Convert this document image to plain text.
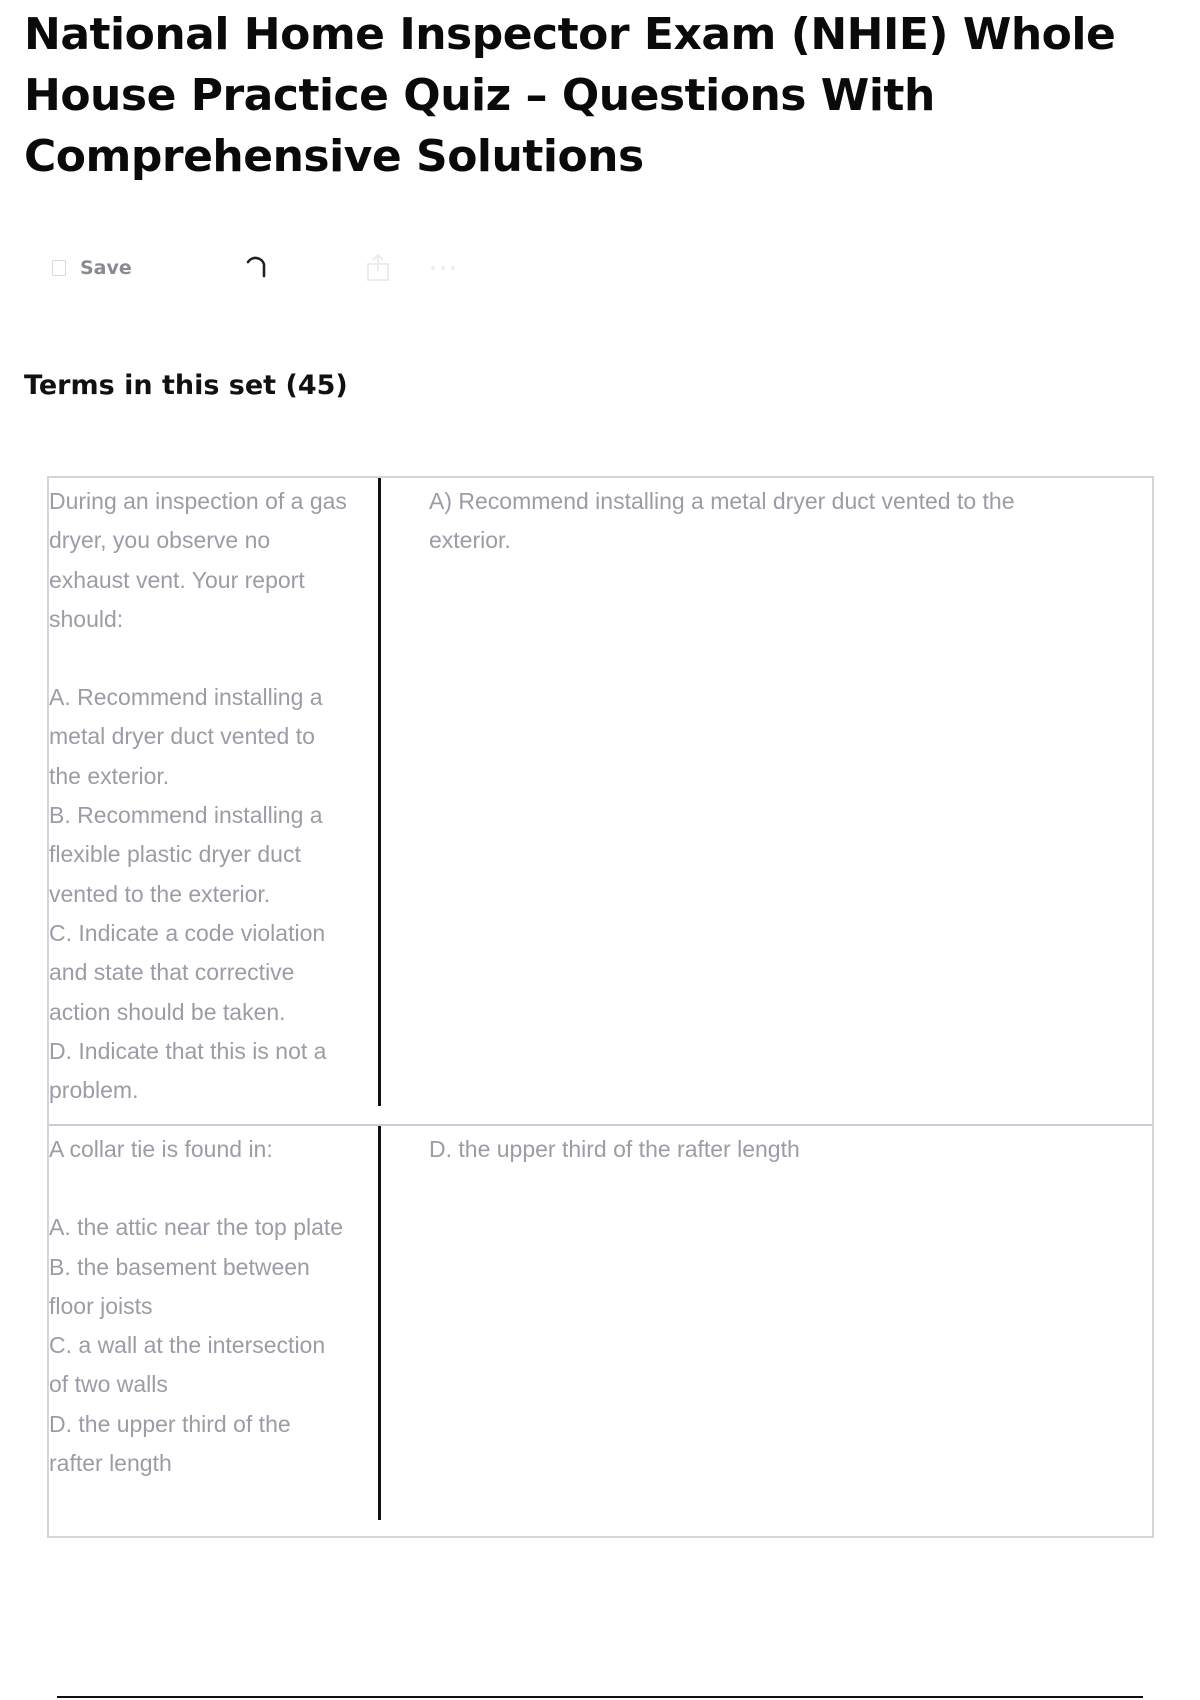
National Home Inspector Exam (NHIE) Whole House Practice Quiz – Questions With Comprehensive Solutions
Save
Terms in this set (45)
During an inspection of a gas dryer, you observe no exhaust vent. Your report should:
A. Recommend installing a metal dryer duct vented to the exterior.
B. Recommend installing a flexible plastic dryer duct vented to the exterior.
C. Indicate a code violation and state that corrective action should be taken.
D. Indicate that this is not a problem.
A) Recommend installing a metal dryer duct vented to the exterior.
A collar tie is found in:
A. the attic near the top plate
B. the basement between floor joists
C. a wall at the intersection of two walls
D. the upper third of the rafter length
D. the upper third of the rafter length
